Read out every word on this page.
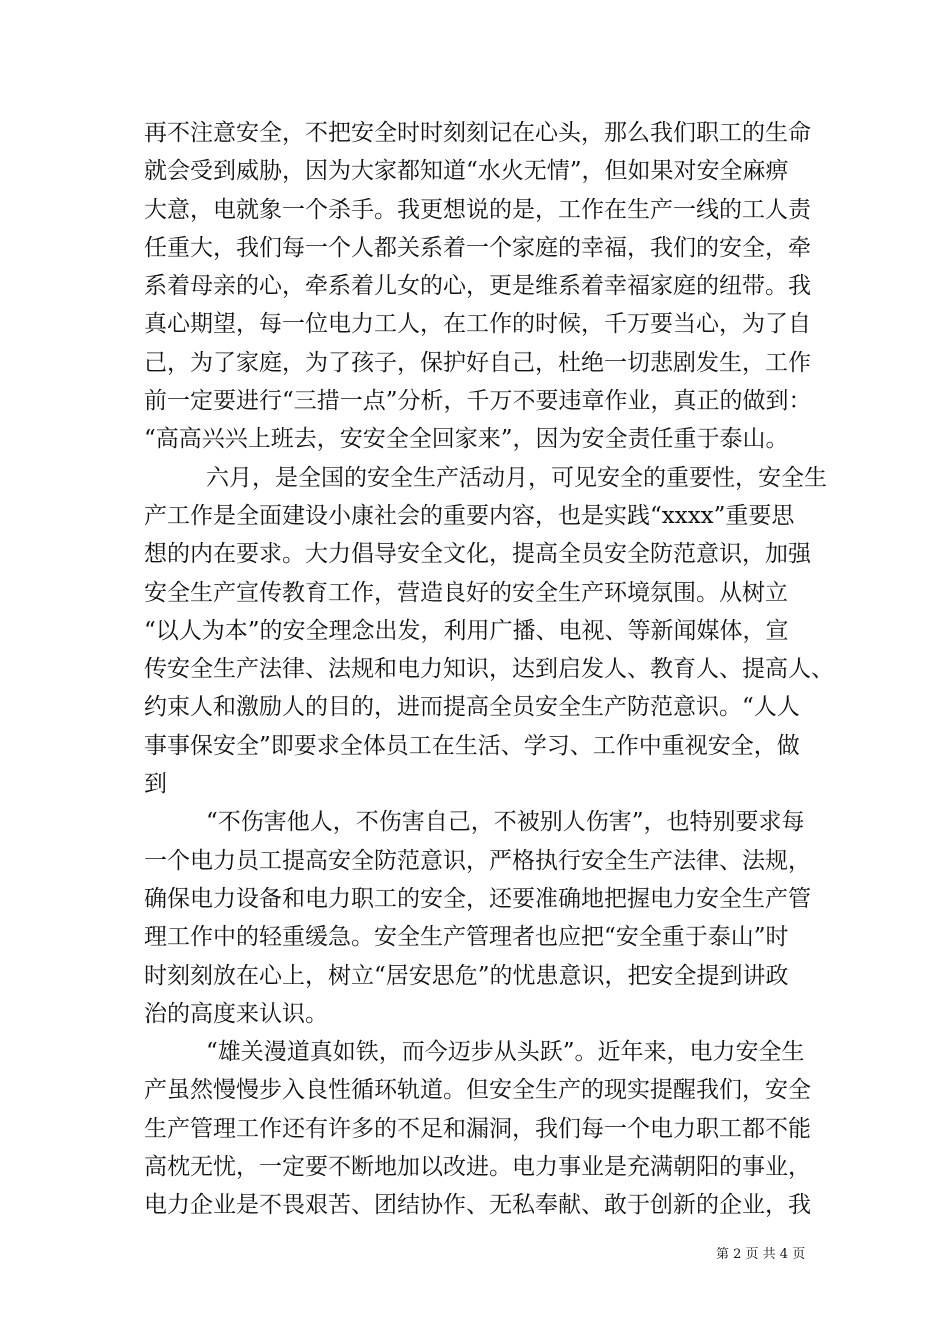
再不注意安全，不把安全时时刻刻记在心头，那么我们职工的生命
就会受到威胁，因为大家都知道“水火无情”，但如果对安全麻痹
大意，电就象一个杀手。我更想说的是，工作在生产一线的工人责
任重大，我们每一个人都关系着一个家庭的幸福，我们的安全，牵
系着母亲的心，牵系着儿女的心，更是维系着幸福家庭的纽带。我
真心期望，每一位电力工人，在工作的时候，千万要当心，为了自
己，为了家庭，为了孩子，保护好自己，杜绝一切悲剧发生，工作
前一定要进行“三措一点”分析，千万不要违章作业，真正的做到：
“高高兴兴上班去，安安全全回家来”，因为安全责任重于泰山。
六月，是全国的安全生产活动月，可见安全的重要性，安全生
产工作是全面建设小康社会的重要内容，也是实践“xxxx”重要思
想的内在要求。大力倡导安全文化，提高全员安全防范意识，加强
安全生产宣传教育工作，营造良好的安全生产环境氛围。从树立
“以人为本”的安全理念出发，利用广播、电视、等新闻媒体，宣
传安全生产法律、法规和电力知识，达到启发人、教育人、提高人、
约束人和激励人的目的，进而提高全员安全生产防范意识。“人人
事事保安全”即要求全体员工在生活、学习、工作中重视安全，做
到
“不伤害他人，不伤害自己，不被别人伤害”，也特别要求每
一个电力员工提高安全防范意识，严格执行安全生产法律、法规，
确保电力设备和电力职工的安全，还要准确地把握电力安全生产管
理工作中的轻重缓急。安全生产管理者也应把“安全重于泰山”时
时刻刻放在心上，树立“居安思危”的忧患意识，把安全提到讲政
治的高度来认识。
“雄关漫道真如铁，而今迈步从头跃”。近年来，电力安全生
产虽然慢慢步入良性循环轨道。但安全生产的现实提醒我们，安全
生产管理工作还有许多的不足和漏洞，我们每一个电力职工都不能
高枕无忧，一定要不断地加以改进。电力事业是充满朝阳的事业，
电力企业是不畏艰苦、团结协作、无私奉献、敢于创新的企业，我
第 2 页 共 4 页
